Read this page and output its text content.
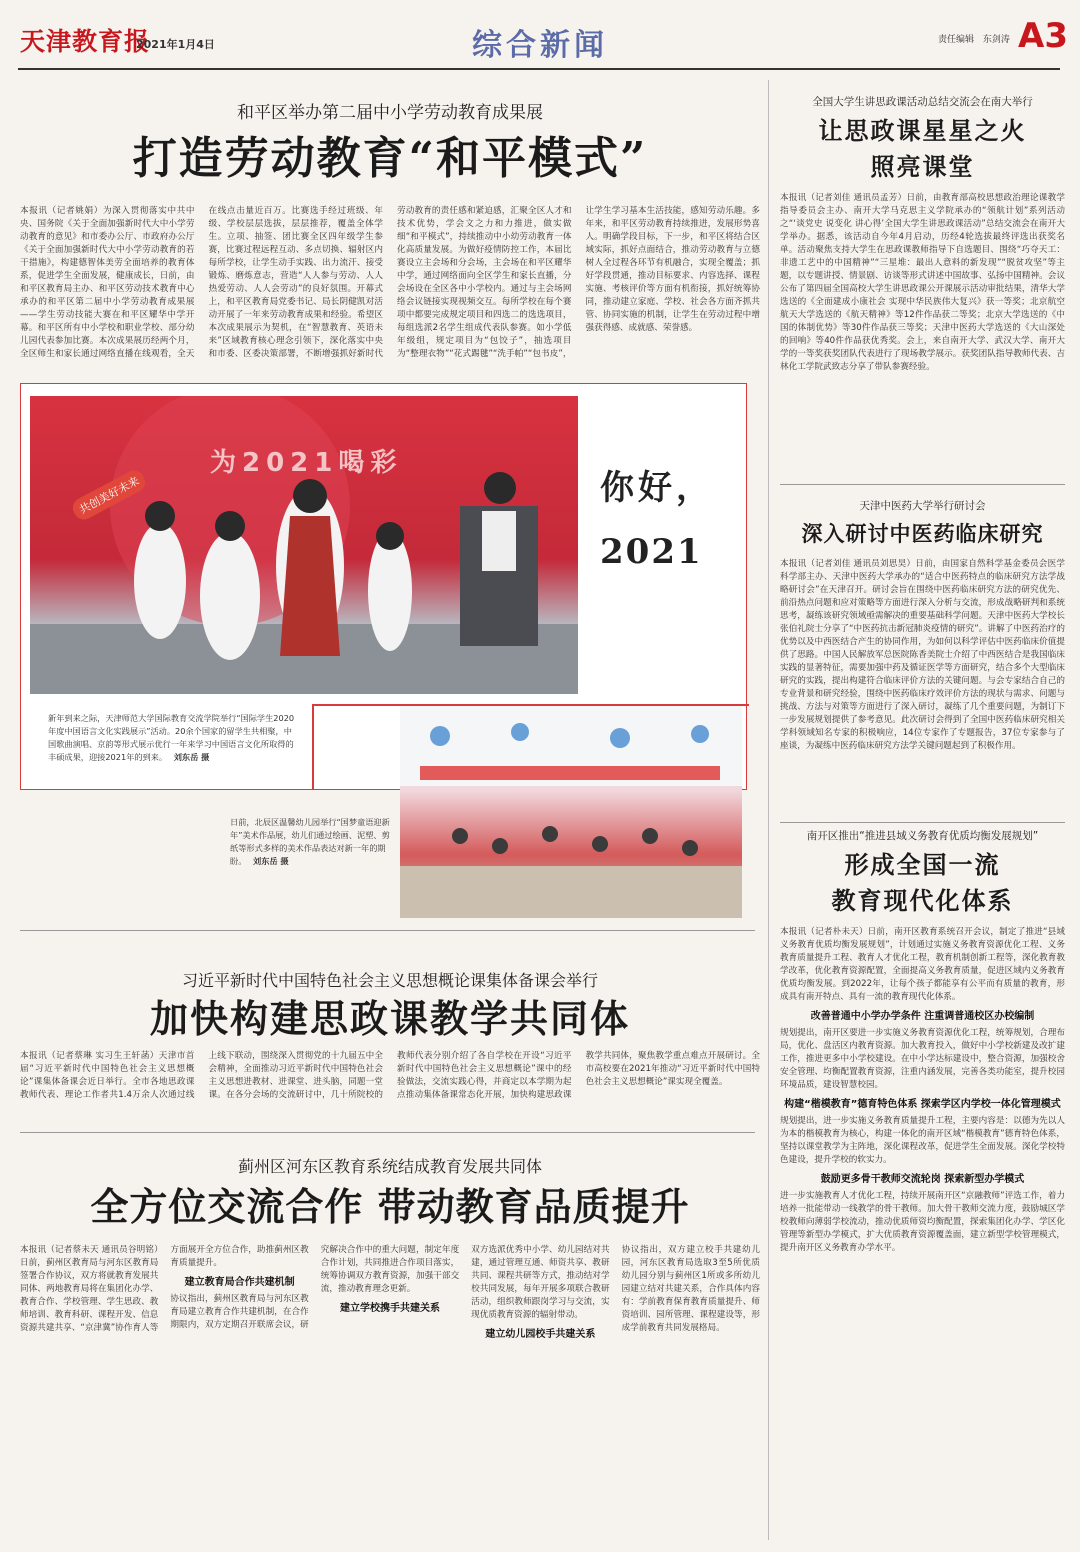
天津教育报
2021年1月4日	综合新闻	责任编辑 东剑涛 A3
和平区举办第二届中小学劳动教育成果展
打造劳动教育“和平模式”
本报讯（记者姚娟）为深入贯彻落实中共中央、国务院《关于全面加强新时代大中小学劳动教育的意见》和市委办公厅、市政府办公厅《关于全面加强新时代大中小学劳动教育的若干措施》，构建德智体美劳全面培养的教育体系，促进学生全面发展，健康成长，日前，由和平区教育局主办、和平区劳动技术教育中心承办的和平区第二届中小学劳动教育成果展——学生劳动技能大赛在和平区耀华中学开幕。和平区所有中小学校和职业学校、部分幼儿园代表参加比赛。本次成果展历经两个月，全区师生和家长通过网络直播在线观看，全天在线点击量近百万。比赛选手经过班级、年级、学校层层选拔，层层推荐，覆盖全体学生。立项、抽签、团比赛全区四年级学生参赛，比赛过程远程互动、多点切换、辐射区内每所学校，让学生动手实践、出力流汗、接受锻炼、磨炼意志，营造“人人参与劳动、人人热爱劳动、人人会劳动”的良好氛围。开幕式上，和平区教育局党委书记、局长阴健凯对活动开展了一年来劳动教育成果和经验。希望区本次成果展示为契机，在“智慧教育、英语未来”区域教育核心理念引领下，深化落实中央和市委、区委决策部署，不断增强抓好新时代劳动教育的责任感和紧迫感，汇聚全区人才和技术优势，学会文之力和力推进，做实做细“和平模式”，持续推动中小幼劳动教育一体化高质量发展。为做好疫情防控工作，本届比赛设立主会场和分会场，主会场在和平区耀华中学，通过网络面向全区学生和家长直播，分会场设在全区各中小学校内。通过与主会场网络会议链接实现视频交互。每所学校在每个赛项中都要完成规定项目和四选二的选选项目，每组选派2名学生组成代表队参赛。如小学低年级组，规定项目为“包饺子”，抽选项目为“整理衣物”“花式踢毽”“洗手帕”“包书皮”，让学生学习基本生活技能，感知劳动乐趣。多年来，和平区劳动教育持续推进，发展形势喜人。明确学段目标，下一步，和平区将结合区域实际，抓好点面结合，推动劳动教育与立德树人全过程各环节有机融合，实现全覆盖；抓好学段贯通，推动目标要求、内容选择、课程实施、考核评价等方面有机衔接，抓好统筹协同，推动建立家庭、学校、社会各方面齐抓共管、协同实施的机制，让学生在劳动过程中增强获得感、成就感、荣誉感。
为2021喝彩
共创美好未来	你好，
2021
新年到来之际，天津师范大学国际教育交流学院举行“国际学生2020年度中国语言文化实践展示”活动。20余个国家的留学生共相聚，中国歌曲演唱、京韵等形式展示优行一年来学习中国语言文化所取得的丰硕成果，迎接2021年的到来。 刘东岳 摄
日前，北辰区温馨幼儿园举行“国梦童语迎新年”美术作品展，幼儿们通过绘画、泥塑、剪纸等形式多样的美术作品表达对新一年的期盼。 刘东岳 摄
习近平新时代中国特色社会主义思想概论课集体备课会举行
加快构建思政课教学共同体
本报讯（记者蔡琳 实习生王轩菡）天津市首届“习近平新时代中国特色社会主义思想概论”课集体备课会近日举行。全市各地思政课教师代表、理论工作者共1.4万余人次通过线上线下联动，围绕深入贯彻党的十九届五中全会精神，全面推动习近平新时代中国特色社会主义思想进教材、进课堂、进头脑，同题一堂课。在各分会场的交流研讨中，几十所院校的教师代表分别介绍了各自学校在开设“习近平新时代中国特色社会主义思想概论”课中的经验做法，交流实践心得，并商定以本学期为起点推动集体备课常态化开展，加快构建思政课教学共同体，聚焦教学重点难点开展研讨。全市高校要在2021年推动“习近平新时代中国特色社会主义思想概论”课实现全覆盖。
蓟州区河东区教育系统结成教育发展共同体
全方位交流合作 带动教育品质提升
本报讯（记者蔡未天 通讯员谷明铭）日前，蓟州区教育局与河东区教育局签署合作协议，双方将就教育发展共同体、两地教育局将在集团化办学、教育合作、学校管理、学生思政、教师培训、教育科研、课程开发、信息资源共建共享、“京津冀”协作育人等方面展开全方位合作，助推蓟州区教育质量提升。
建立教育局合作共建机制
协议指出，蓟州区教育局与河东区教育局建立教育合作共建机制，在合作期限内，双方定期召开联席会议，研究解决合作中的重大问题，制定年度合作计划，共同推进合作项目落实，统筹协调双方教育资源，加强干部交流，推动教育理念更新。
建立学校携手共建关系
双方选派优秀中小学、幼儿园结对共建，通过管理互通、师资共享、教研共同、课程共研等方式，推动结对学校共同发展，每年开展多项联合教研活动，组织教师跟岗学习与交流，实现优质教育资源的辐射带动。
建立幼儿园校手共建关系
协议指出，双方建立校手共建幼儿园，河东区教育局选取3至5所优质幼儿园分别与蓟州区1所或多所幼儿园建立结对共建关系，合作具体内容有：学前教育保育教育质量提升、师资培训、园所管理、课程建设等，形成学前教育共同发展格局。
全国大学生讲思政课活动总结交流会在南大举行
让思政课星星之火
照亮课堂
本报讯（记者刘佳 通讯员孟芳）日前，由教育部高校思想政治理论课教学指导委员会主办、南开大学马克思主义学院承办的“领航计划”系列活动之“‘谈党史 说变化 讲心得’全国大学生讲思政课活动”总结交流会在南开大学举办。据悉，该活动自今年4月启动，历经4轮选拔最终评选出获奖名单。活动聚焦支持大学生在思政课教师指导下自选题目、围绕“巧夺天工：非遗工艺中的中国精神”“三星堆：最出人意料的新发现”“脱贫攻坚”等主题，以专题讲授、情景剧、访谈等形式讲述中国故事、弘扬中国精神。会议公布了第四届全国高校大学生讲思政课公开课展示活动审批结果，清华大学选送的《全面建成小康社会 实现中华民族伟大复兴》获一等奖；北京航空航天大学选送的《航天精神》等12件作品获二等奖；北京大学选送的《中国的体制优势》等30件作品获三等奖；天津中医药大学选送的《大山深处的回响》等40件作品获优秀奖。会上，来自南开大学、武汉大学、南开大学的一等奖获奖团队代表进行了现场教学展示。获奖团队指导教师代表、吉林化工学院武致志分享了带队参赛经验。
天津中医药大学举行研讨会
深入研讨中医药临床研究
本报讯（记者刘佳 通讯员刘思昊）日前，由国家自然科学基金委员会医学科学部主办、天津中医药大学承办的“适合中医药特点的临床研究方法学战略研讨会”在天津召开。研讨会旨在围绕中医药临床研究方法的研究优先、前沿热点问题和应对策略等方面进行深入分析与交流，形成战略研判和系统思考，凝练该研究领域亟需解决的重要基础科学问题。天津中医药大学校长张伯礼院士分享了“中医药抗击新冠肺炎疫情的研究”。讲解了中医药治疗的优势以及中西医结合产生的协同作用，为如何以科学评估中医药临床价值提供了思路。中国人民解放军总医院陈香美院士介绍了中西医结合是我国临床实践的显著特征，需要加强中药及循证医学等方面研究，结合多个大型临床研究的实践，提出构建符合临床评价方法的关键问题。与会专家结合自己的专业背景和研究经验，围绕中医药临床疗效评价方法的现状与需求、问题与挑战、方法与对策等方面进行了深入研讨，凝练了几个重要问题，为制订下一步发展规划提供了参考意见。此次研讨会得到了全国中医药临床研究相关学科领域知名专家的积极响应，14位专家作了专题报告，37位专家参与了座谈，为凝练中医药临床研究方法学关键问题起到了积极作用。
南开区推出“推进县域义务教育优质均衡发展规划”
形成全国一流
教育现代化体系
本报讯（记者朴未天）日前，南开区教育系统召开会议，制定了推进“县域义务教育优质均衡发展规划”，计划通过实施义务教育资源优化工程、义务教育质量提升工程、教育人才优化工程，教育机制创新工程等，深化教育教学改革，优化教育资源配置，全面提高义务教育质量，促进区域内义务教育优质均衡发展。到2022年，让每个孩子都能享有公平而有质量的教育，形成具有南开特点、具有一流的教育现代化体系。
改善普通中小学办学条件 注重调普通校区办校编制
规划提出，南开区要进一步实施义务教育资源优化工程，统筹规划，合理布局，优化、盘活区内教育资源。加大教育投入，做好中小学校新建及改扩建工作，推进更多中小学校建设。在中小学达标建设中，整合资源，加强校舍安全管理、均衡配置教育资源，注重内涵发展，完善各类功能室，提升校园环境品质，建设智慧校园。
构建“楷模教育”德育特色体系 探索学区内学校一体化管理模式
规划提出，进一步实施义务教育质量提升工程，主要内容是：以德为先以人为本的楷模教育为核心，构建一体化的南开区域“楷模教育”德育特色体系，坚持以课堂教学为主阵地，深化课程改革，促进学生全面发展。深化学校特色建设，提升学校的软实力。
鼓励更多骨干教师交流轮岗 探索新型办学模式
进一步实施教育人才优化工程，持续开展南开区“京融教师”评选工作，着力培养一批能带动一线教学的骨干教师。加大骨干教师交流力度，鼓励城区学校教师向薄弱学校流动，推动优质师资均衡配置，探索集团化办学、学区化管理等新型办学模式，扩大优质教育资源覆盖面，建立新型学校管理模式，提升南开区义务教育办学水平。
